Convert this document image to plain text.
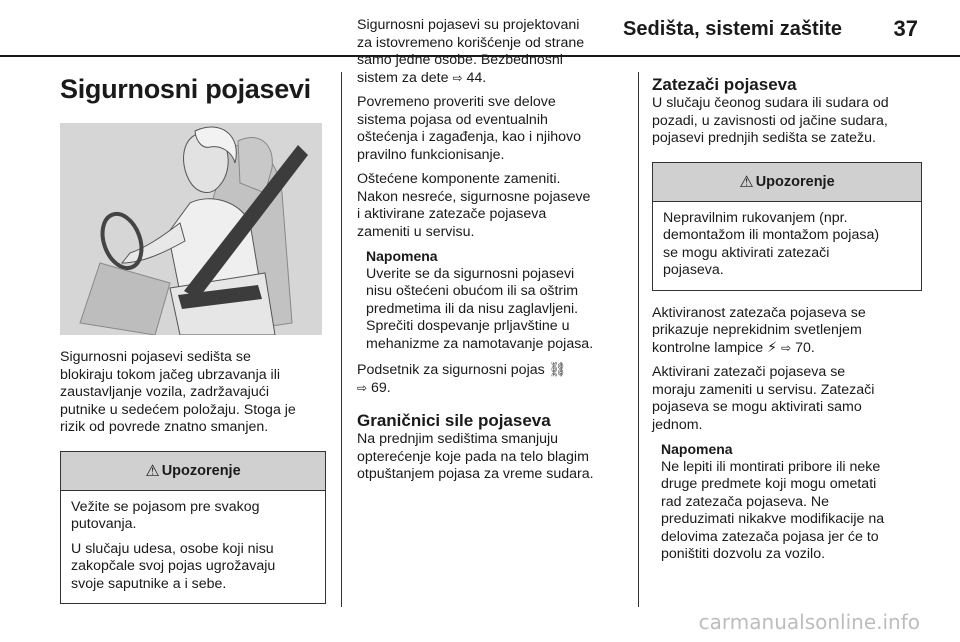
Sedišta, sistemi zaštite 37
Sigurnosni pojasevi

Sigurnosni pojasevi sedišta se

blokiraju tokom jačeg ubrzavanja ili

zaustavljanje vozila, zadržavajući

putnike u sedećem položaju. Stoga je

rizik od povrede znatno smanjen.

⚠ Upozorenje

Vežite se pojasom pre svakog

putovanja.

U slučaju udesa, osobe koji nisu

zakopčale svoj pojas ugrožavaju

svoje saputnike a i sebe.

Sigurnosni pojasevi su projektovani

za istovremeno korišćenje od strane

samo jedne osobe. Bezbednosni

sistem za dete ⇨ 44.

Povremeno proveriti sve delove

sistema pojasa od eventualnih

oštećenja i zagađenja, kao i njihovo

pravilno funkcionisanje.

Oštećene komponente zameniti.

Nakon nesreće, sigurnosne pojaseve

i aktivirane zatezače pojaseva

zameniti u servisu.

Napomena

Uverite se da sigurnosni pojasevi

nisu oštećeni obućom ili sa oštrim

predmetima ili da nisu zaglavljeni.

Sprečiti dospevanje prljavštine u

mehanizme za namotavanje pojasa.

Podsetnik za sigurnosni pojas ⛓

⇨ 69.

Graničnici sile pojaseva

Na prednjim sedištima smanjuju

opterećenje koje pada na telo blagim

otpuštanjem pojasa za vreme sudara.

Zatezači pojaseva

U slučaju čeonog sudara ili sudara od

pozadi, u zavisnosti od jačine sudara,

pojasevi prednjih sedišta se zatežu.

⚠ Upozorenje

Nepravilnim rukovanjem (npr.

demontažom ili montažom pojasa)

se mogu aktivirati zatezači

pojaseva.

Aktiviranost zatezača pojaseva se

prikazuje neprekidnim svetlenjem

kontrolne lampice ⚡ ⇨ 70.

Aktivirani zatezači pojaseva se

moraju zameniti u servisu. Zatezači

pojaseva se mogu aktivirati samo

jednom.

Napomena

Ne lepiti ili montirati pribore ili neke

druge predmete koji mogu ometati

rad zatezača pojaseva. Ne

preduzimati nikakve modifikacije na

delovima zatezača pojasa jer će to

poništiti dozvolu za vozilo.

carmanualsonline.info
